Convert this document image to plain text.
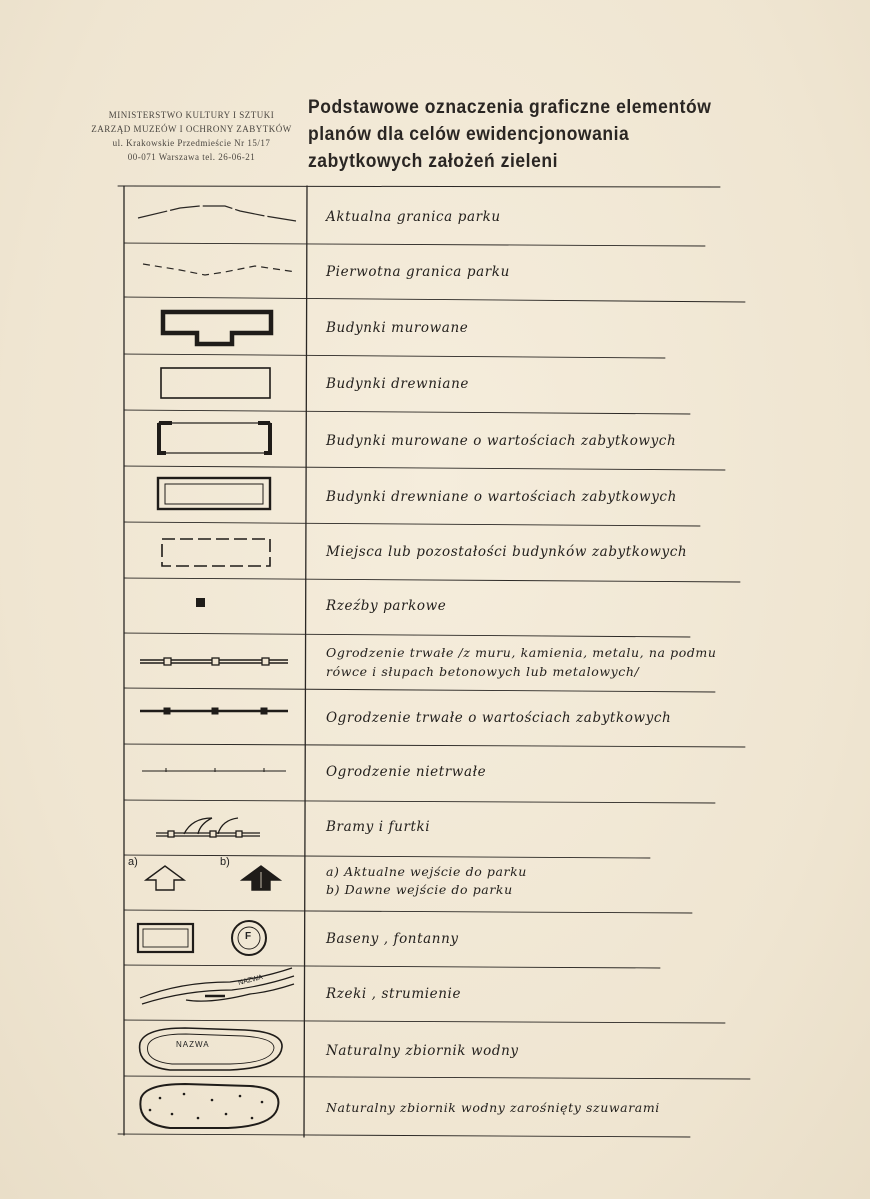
MINISTERSTWO KULTURY I SZTUKI
ZARZĄD MUZEÓW I OCHRONY ZABYTKÓW
ul. Krakowskie Przedmieście Nr 15/17
00-071 Warszawa tel. 26-06-21
Podstawowe oznaczenia graficzne elementów
planów dla celów ewidencjonowania
zabytkowych założeń zieleni
a)	b)
F
NAZWA
NAZWA
Aktualna granica parku
Pierwotna granica parku
Budynki murowane
Budynki drewniane
Budynki murowane o wartościach zabytkowych
Budynki drewniane o wartościach zabytkowych
Miejsca lub pozostałości budynków zabytkowych
Rzeźby parkowe
Ogrodzenie trwałe /z muru, kamienia, metalu, na podmu
rówce i słupach betonowych lub metalowych/
Ogrodzenie trwałe o wartościach zabytkowych
Ogrodzenie nietrwałe
Bramy i furtki
a) Aktualne wejście do parku
b) Dawne wejście do parku
Baseny , fontanny
Rzeki , strumienie
Naturalny zbiornik wodny
Naturalny zbiornik wodny zarośnięty szuwarami
